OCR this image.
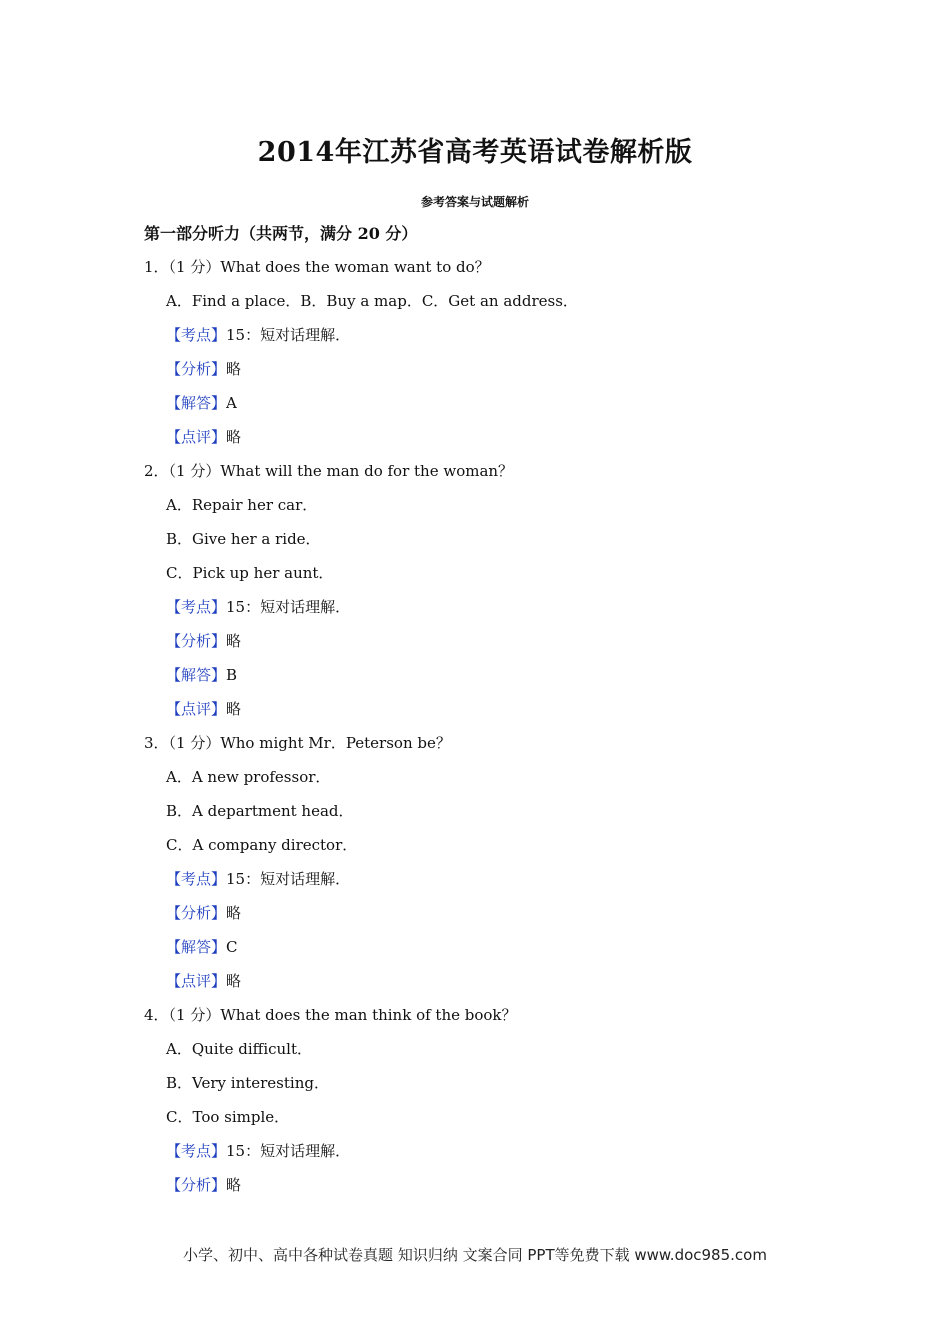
2014年江苏省高考英语试卷解析版
参考答案与试题解析
第一部分听力（共两节，满分 20 分）
1．（1 分）What does the woman want to do？
A．Find a place．B．Buy a map．C．Get an address．
【考点】15：短对话理解．
【分析】略
【解答】A
【点评】略
2．（1 分）What will the man do for the woman？
A．Repair her car．
B．Give her a ride．
C．Pick up her aunt．
【考点】15：短对话理解．
【分析】略
【解答】B
【点评】略
3．（1 分）Who might Mr．Peterson be？
A．A new professor．
B．A department head．
C．A company director．
【考点】15：短对话理解．
【分析】略
【解答】C
【点评】略
4．（1 分）What does the man think of the book？
A．Quite difficult．
B．Very interesting．
C．Too simple．
【考点】15：短对话理解．
【分析】略
小学、初中、高中各种试卷真题 知识归纳 文案合同 PPT等免费下载 www.doc985.com
